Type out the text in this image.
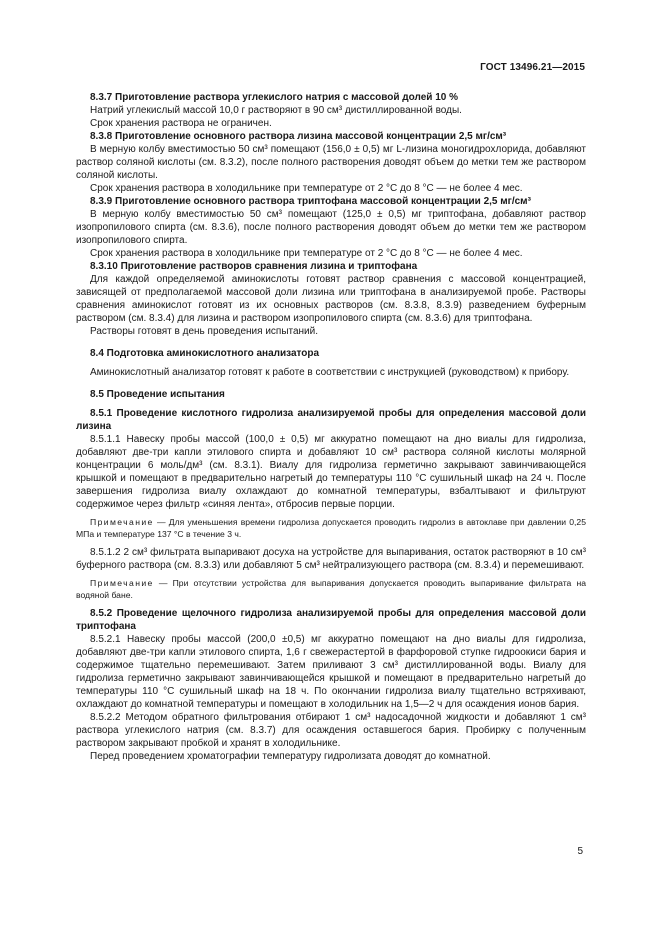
ГОСТ 13496.21—2015

8.3.7 Приготовление раствора углекислого натрия с массовой долей 10 %

Натрий углекислый массой 10,0 г растворяют в 90 см³ дистиллированной воды.

Срок хранения раствора не ограничен.

8.3.8 Приготовление основного раствора лизина массовой концентрации 2,5 мг/см³

В мерную колбу вместимостью 50 см³ помещают (156,0 ± 0,5) мг L-лизина моногидрохлорида, добавляют раствор соляной кислоты (см. 8.3.2), после полного растворения доводят объем до метки тем же раствором соляной кислоты.

Срок хранения раствора в холодильнике при температуре от 2 °С до 8 °С — не более 4 мес.

8.3.9 Приготовление основного раствора триптофана массовой концентрации 2,5 мг/см³

В мерную колбу вместимостью 50 см³ помещают (125,0 ± 0,5) мг триптофана, добавляют раствор изопропилового спирта (см. 8.3.6), после полного растворения доводят объем до метки тем же раствором изопропилового спирта.

Срок хранения раствора в холодильнике при температуре от 2 °С до 8 °С — не более 4 мес.

8.3.10 Приготовление растворов сравнения лизина и триптофана

Для каждой определяемой аминокислоты готовят раствор сравнения с массовой концентрацией, зависящей от предполагаемой массовой доли лизина или триптофана в анализируемой пробе. Растворы сравнения аминокислот готовят из их основных растворов (см. 8.3.8, 8.3.9) разведением буферным раствором (см. 8.3.4) для лизина и раствором изопропилового спирта (см. 8.3.6) для триптофана.

Растворы готовят в день проведения испытаний.

8.4 Подготовка аминокислотного анализатора

Аминокислотный анализатор готовят к работе в соответствии с инструкцией (руководством) к прибору.

8.5 Проведение испытания

8.5.1 Проведение кислотного гидролиза анализируемой пробы для определения массовой доли лизина

8.5.1.1 Навеску пробы массой (100,0 ± 0,5) мг аккуратно помещают на дно виалы для гидролиза, добавляют две-три капли этилового спирта и добавляют 10 см³ раствора соляной кислоты молярной концентрации 6 моль/дм³ (см. 8.3.1). Виалу для гидролиза герметично закрывают завинчивающейся крышкой и помещают в предварительно нагретый до температуры 110 °С сушильный шкаф на 24 ч. После завершения гидролиза виалу охлаждают до комнатной температуры, взбалтывают и фильтруют содержимое через фильтр «синяя лента», отбросив первые порции.

Примечание — Для уменьшения времени гидролиза допускается проводить гидролиз в автоклаве при давлении 0,25 МПа и температуре 137 °С в течение 3 ч.

8.5.1.2 2 см³ фильтрата выпаривают досуха на устройстве для выпаривания, остаток растворяют в 10 см³ буферного раствора (см. 8.3.3) или добавляют 5 см³ нейтрализующего раствора (см. 8.3.4) и перемешивают.

Примечание — При отсутствии устройства для выпаривания допускается проводить выпаривание фильтрата на водяной бане.

8.5.2 Проведение щелочного гидролиза анализируемой пробы для определения массовой доли триптофана

8.5.2.1 Навеску пробы массой (200,0 ±0,5) мг аккуратно помещают на дно виалы для гидролиза, добавляют две-три капли этилового спирта, 1,6 г свежерастертой в фарфоровой ступке гидроокиси бария и содержимое тщательно перемешивают. Затем приливают 3 см³ дистиллированной воды. Виалу для гидролиза герметично закрывают завинчивающейся крышкой и помещают в предварительно нагретый до температуры 110 °С сушильный шкаф на 18 ч. По окончании гидролиза виалу тщательно встряхивают, охлаждают до комнатной температуры и помещают в холодильник на 1,5—2 ч для осаждения ионов бария.

8.5.2.2 Методом обратного фильтрования отбирают 1 см³ надосадочной жидкости и добавляют 1 см³ раствора углекислого натрия (см. 8.3.7) для осаждения оставшегося бария. Пробирку с полученным раствором закрывают пробкой и хранят в холодильнике.

Перед проведением хроматографии температуру гидролизата доводят до комнатной.

5
